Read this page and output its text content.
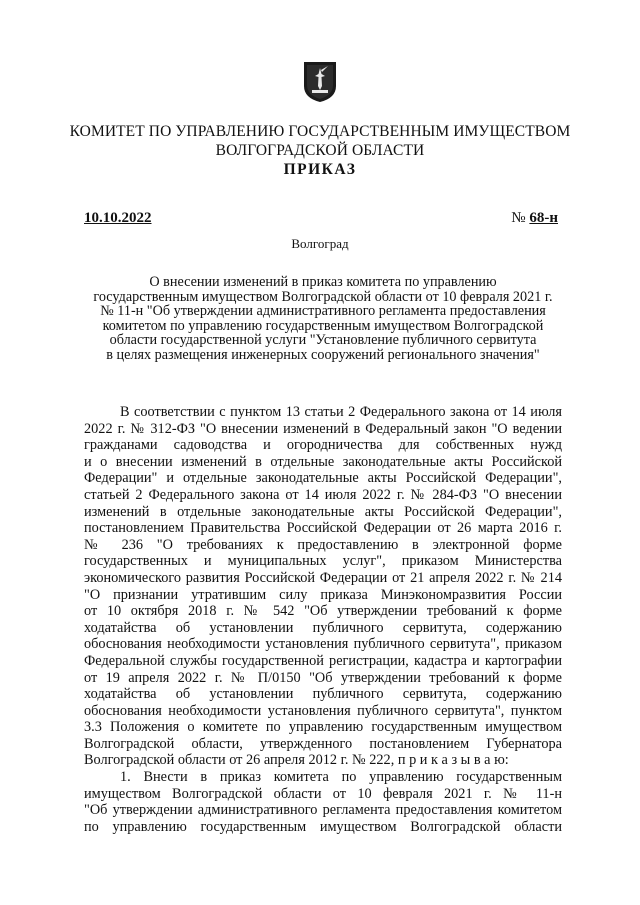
КОМИТЕТ ПО УПРАВЛЕНИЮ ГОСУДАРСТВЕННЫМ ИМУЩЕСТВОМ
ВОЛГОГРАДСКОЙ ОБЛАСТИ
ПРИКАЗ
10.10.2022	№ 68-н
Волгоград
О внесении изменений в приказ комитета по управлению
государственным имуществом Волгоградской области от 10 февраля 2021 г.
№ 11-н "Об утверждении административного регламента предоставления
комитетом по управлению государственным имуществом Волгоградской
области государственной услуги "Установление публичного сервитута
в целях размещения инженерных сооружений регионального значения"
В соответствии с пунктом 13 статьи 2 Федерального закона от 14 июля
2022 г. № 312-ФЗ "О внесении изменений в Федеральный закон "О ведении
гражданами садоводства и огородничества для собственных нужд
и о внесении изменений в отдельные законодательные акты Российской
Федерации" и отдельные законодательные акты Российской Федерации",
статьей 2 Федерального закона от 14 июля 2022 г. № 284-ФЗ "О внесении
изменений в отдельные законодательные акты Российской Федерации",
постановлением Правительства Российской Федерации от 26 марта 2016 г.
№ 236 "О требованиях к предоставлению в электронной форме
государственных и муниципальных услуг", приказом Министерства
экономического развития Российской Федерации от 21 апреля 2022 г. № 214
"О признании утратившим силу приказа Минэкономразвития России
от 10 октября 2018 г. № 542 "Об утверждении требований к форме
ходатайства об установлении публичного сервитута, содержанию
обоснования необходимости установления публичного сервитута", приказом
Федеральной службы государственной регистрации, кадастра и картографии
от 19 апреля 2022 г. № П/0150 "Об утверждении требований к форме
ходатайства об установлении публичного сервитута, содержанию
обоснования необходимости установления публичного сервитута", пунктом
3.3 Положения о комитете по управлению государственным имуществом
Волгоградской области, утвержденного постановлением Губернатора
Волгоградской области от 26 апреля 2012 г. № 222, п р и к а з ы в а ю:
1. Внести в приказ комитета по управлению государственным
имуществом Волгоградской области от 10 февраля 2021 г. № 11-н
"Об утверждении административного регламента предоставления комитетом
по управлению государственным имуществом Волгоградской области
